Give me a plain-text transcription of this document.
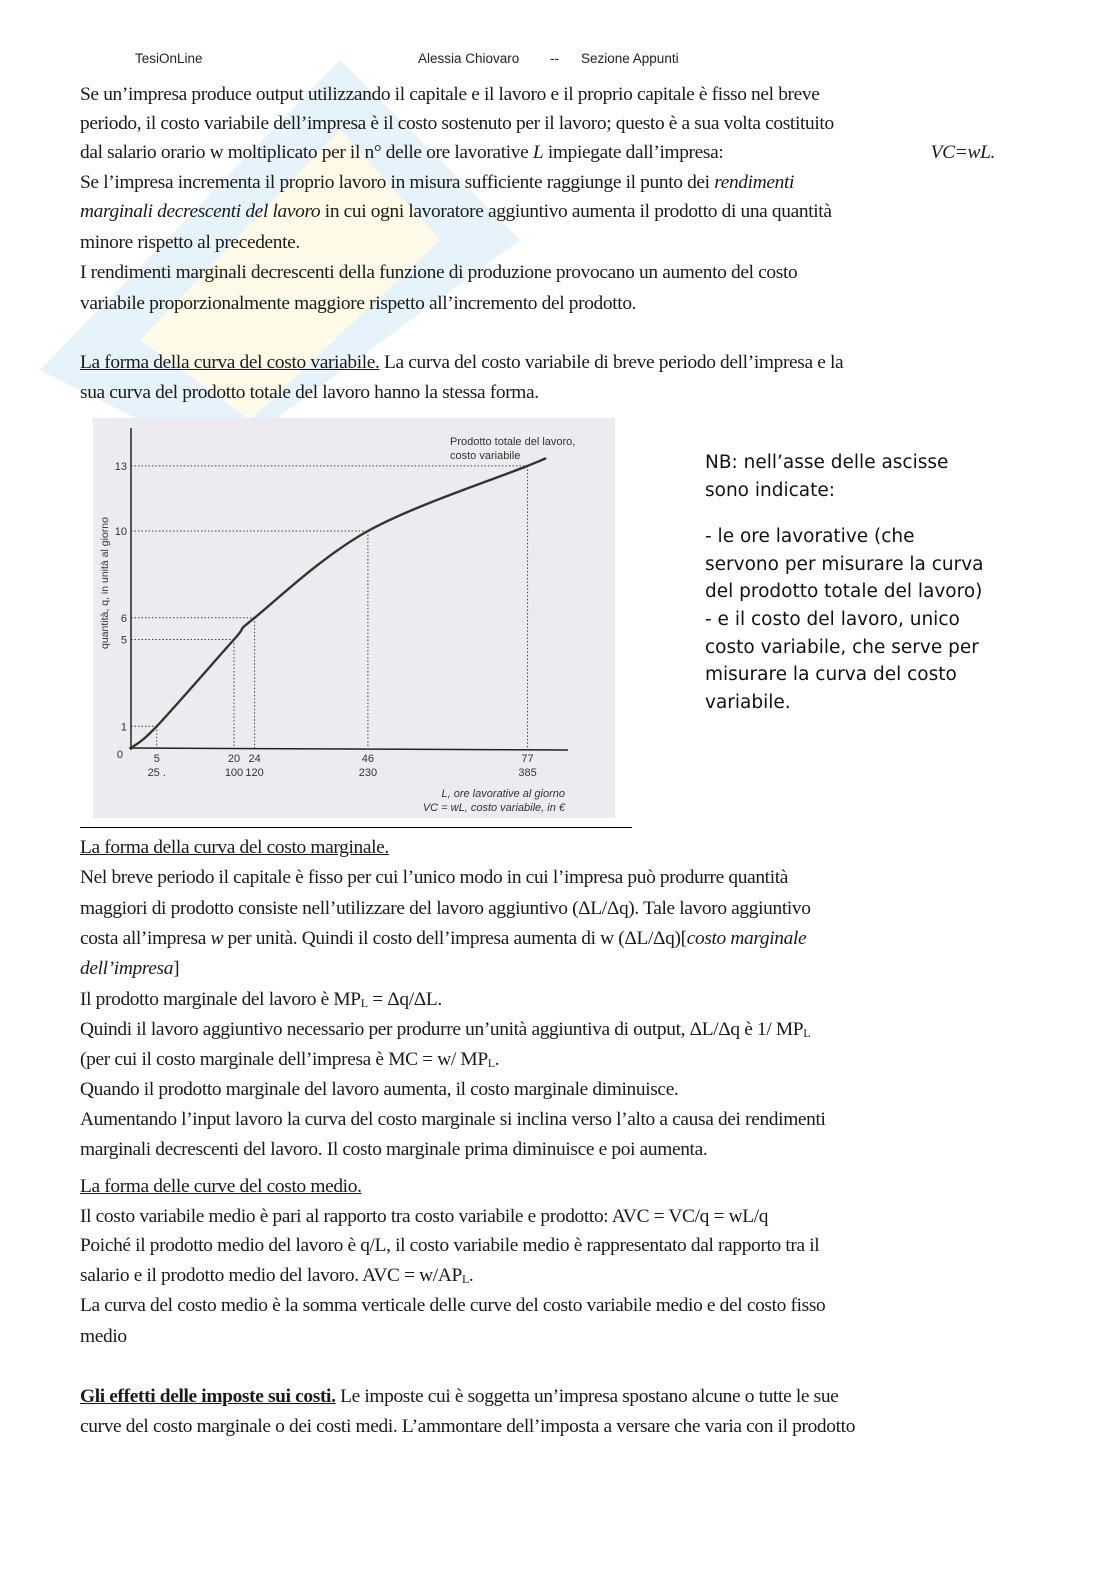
TesiOnLine	Alessia Chiovaro -- Sezione Appunti
Se un’impresa produce output utilizzando il capitale e il lavoro e il proprio capitale è fisso nel breve
periodo, il costo variabile dell’impresa è il costo sostenuto per il lavoro; questo è a sua volta costituito
dal salario orario w moltiplicato per il n° delle ore lavorative L impiegate dall’impresa:	VC=wL.
Se l’impresa incrementa il proprio lavoro in misura sufficiente raggiunge il punto dei rendimenti
marginali decrescenti del lavoro in cui ogni lavoratore aggiuntivo aumenta il prodotto di una quantità
minore rispetto al precedente.
I rendimenti marginali decrescenti della funzione di produzione provocano un aumento del costo
variabile proporzionalmente maggiore rispetto all’incremento del prodotto.
La forma della curva del costo variabile. La curva del costo variabile di breve periodo dell’impresa e la
sua curva del prodotto totale del lavoro hanno la stessa forma.
0
1
5
6
10
13
5
25 .
20
100
24
120
46
230
77
385
Prodotto totale del lavoro,
costo variabile
quantità, q, in unità al giorno
L, ore lavorative al giorno
VC = wL, costo variabile, in €
NB: nell’asse delle ascisse
sono indicate:
- le ore lavorative (che
servono per misurare la curva
del prodotto totale del lavoro)
- e il costo del lavoro, unico
costo variabile, che serve per
misurare la curva del costo
variabile.
La forma della curva del costo marginale.
Nel breve periodo il capitale è fisso per cui l’unico modo in cui l’impresa può produrre quantità
maggiori di prodotto consiste nell’utilizzare del lavoro aggiuntivo (ΔL/Δq). Tale lavoro aggiuntivo
costa all’impresa w per unità. Quindi il costo dell’impresa aumenta di w (ΔL/Δq)[costo marginale
dell’impresa]
Il prodotto marginale del lavoro è $MP_L = \Delta q/\Delta L$.
Quindi il lavoro aggiuntivo necessario per produrre un’unità aggiuntiva di output, ΔL/Δq è 1/ $MP_L$
(per cui il costo marginale dell’impresa è MC = w/ $MP_L$.
Quando il prodotto marginale del lavoro aumenta, il costo marginale diminuisce.
Aumentando l’input lavoro la curva del costo marginale si inclina verso l’alto a causa dei rendimenti
marginali decrescenti del lavoro. Il costo marginale prima diminuisce e poi aumenta.
La forma delle curve del costo medio.
Il costo variabile medio è pari al rapporto tra costo variabile e prodotto: AVC = VC/q = wL/q
Poiché il prodotto medio del lavoro è q/L, il costo variabile medio è rappresentato dal rapporto tra il
salario e il prodotto medio del lavoro. AVC = $w/AP_L$.
La curva del costo medio è la somma verticale delle curve del costo variabile medio e del costo fisso
medio
Gli effetti delle imposte sui costi. Le imposte cui è soggetta un’impresa spostano alcune o tutte le sue
curve del costo marginale o dei costi medi. L’ammontare dell’imposta a versare che varia con il prodotto
